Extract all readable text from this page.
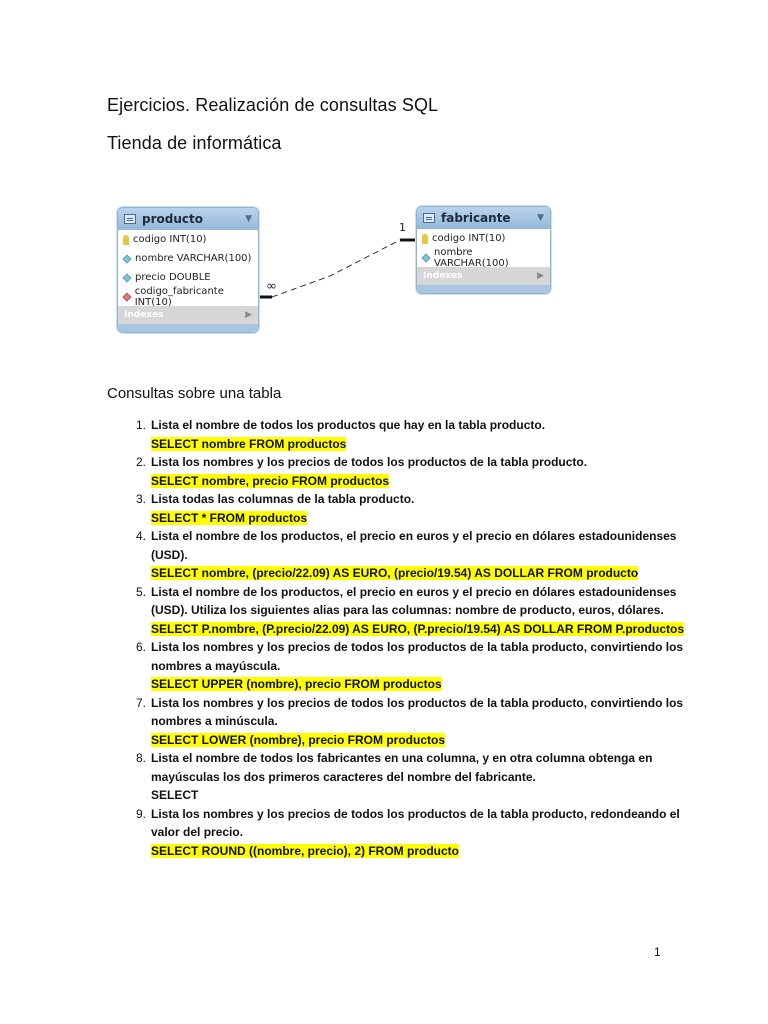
Ejercicios. Realización de consultas SQL
Tienda de informática
1
∞
producto	▼
codigo INT(10)
nombre VARCHAR(100)
precio DOUBLE
codigo_fabricante INT(10)
Indexes	▶
fabricante	▼
codigo INT(10)
nombre VARCHAR(100)
Indexes	▶
Consultas sobre una tabla
1. Lista el nombre de todos los productos que hay en la tabla producto.
SELECT nombre FROM productos
2. Lista los nombres y los precios de todos los productos de la tabla producto.
SELECT nombre, precio FROM productos
3. Lista todas las columnas de la tabla producto.
SELECT * FROM productos
4. Lista el nombre de los productos, el precio en euros y el precio en dólares estadounidenses (USD).
SELECT nombre, (precio/22.09) AS EURO, (precio/19.54) AS DOLLAR FROM producto
5. Lista el nombre de los productos, el precio en euros y el precio en dólares estadounidenses (USD). Utiliza los siguientes alias para las columnas: nombre de producto, euros, dólares.
SELECT P.nombre, (P.precio/22.09) AS EURO, (P.precio/19.54) AS DOLLAR FROM P.productos
6. Lista los nombres y los precios de todos los productos de la tabla producto, convirtiendo los nombres a mayúscula.
SELECT UPPER (nombre), precio FROM productos
7. Lista los nombres y los precios de todos los productos de la tabla producto, convirtiendo los nombres a minúscula.
SELECT LOWER (nombre), precio FROM productos
8. Lista el nombre de todos los fabricantes en una columna, y en otra columna obtenga en mayúsculas los dos primeros caracteres del nombre del fabricante.
SELECT
9. Lista los nombres y los precios de todos los productos de la tabla producto, redondeando el valor del precio.
SELECT ROUND ((nombre, precio), 2) FROM producto
1
